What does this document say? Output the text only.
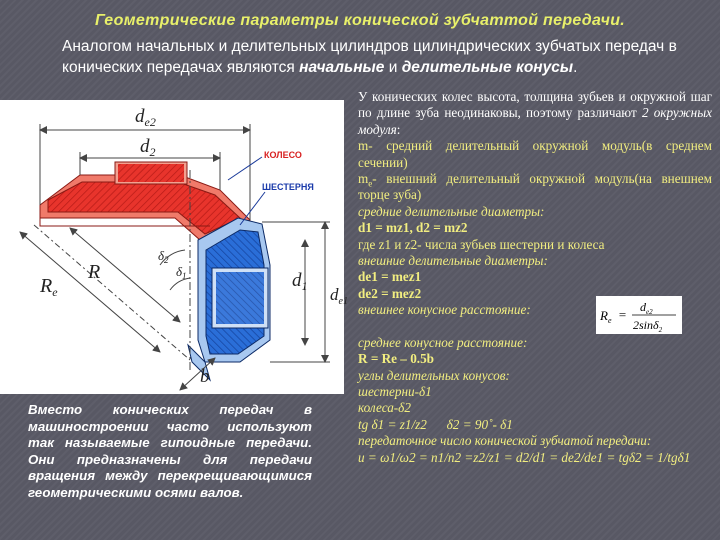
Геометрические параметры конической зубчаттой передачи.
Аналогом начальных и делительных цилиндров цилиндрических зубчатых передач в конических передачах являются начальные и делительные конусы.
$d_{e2}$
$d_2$	КОЛЕСО
ШЕСТЕРНЯ
$R_e$
R
$\delta_2$
$\delta_1$	$d_1$ $d_{e1}$
b
Вместо конических передач в машиностроении часто используют так называемые гипоидные передачи. Они предназначены для передачи вращения между перекрещивающимися геометрическими осями валов.

У конических колес высота, толщина зубьев и окружной шаг по длине зуба неодинаковы, поэтому различают 2 окружных модуля:

m- средний делительный окружной модуль(в среднем сечении)

$m_e-$ внешний делительный окружной модуль(на внешнем торце зуба)

средние делительные диаметры:

d1 = mz1, d2 = mz2

где z1 и z2- числа зубьев шестерни и колеса

внешние делительные диаметры:

de1 = mez1

de2 = mez2

внешнее конусное расстояние:

среднее конусное расстояние:

R = Re – 0.5b

углы делительных конусов:

шестерни-δ1

колеса-δ2

tg δ1 = z1/z2 δ2 = 90˚- δ1

передаточное число конической зубчатой передачи:

u = ω1/ω2 = n1/n2 =z2/z1 = d2/d1 = de2/de1 = tgδ2 = 1/tgδ1

$R_e = d_{e2}$
2sinδ$_2$
